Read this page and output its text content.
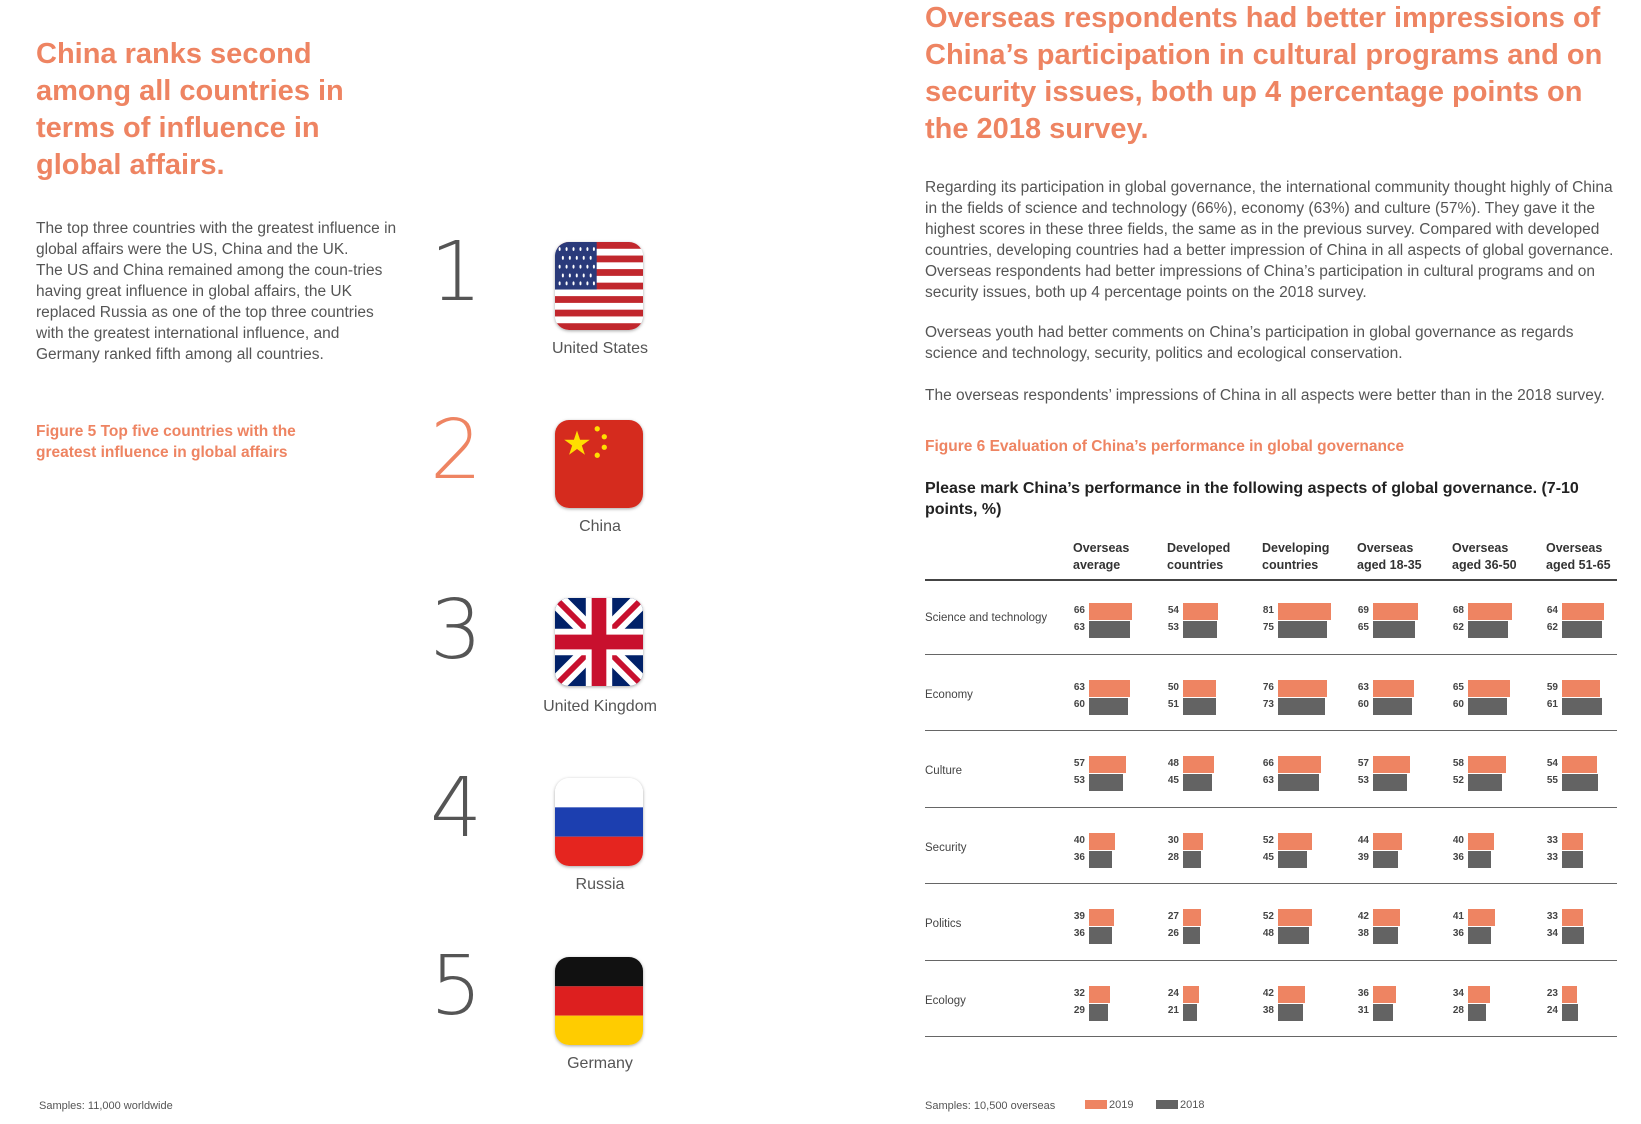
China ranks second among all countries in terms of influence in global affairs.
The top three countries with the greatest influence in global affairs were the US, China and the UK.
The US and China remained among the coun-tries having great influence in global affairs, the UK replaced Russia as one of the top three countries with the greatest international influence, and Germany ranked fifth among all countries.
Figure 5 Top five countries with the greatest influence in global affairs
Samples: 11,000 worldwide
1
United States
2
China
3
United Kingdom
4
Russia
5
Germany
Overseas respondents had better impressions of China’s participation in cultural programs and on security issues, both up 4 percentage points on the 2018 survey.
Regarding its participation in global governance, the international community thought highly of China in the fields of science and technology (66%), economy (63%) and culture (57%). They gave it the highest scores in these three fields, the same as in the previous survey. Compared with developed countries, developing countries had a better impression of China in all aspects of global governance. Overseas respondents had better impressions of China’s participation in cultural programs and on security issues, both up 4 percentage points on the 2018 survey.
Overseas youth had better comments on China’s participation in global governance as regards science and technology, security, politics and ecological conservation.
The overseas respondents’ impressions of China in all aspects were better than in the 2018 survey.
Figure 6 Evaluation of China’s performance in global governance
Please mark China’s performance in the following aspects of global governance. (7-10 points, %)
Overseas average
Developed countries
Developing countries
Overseas aged 18-35
Overseas aged 36-50
Overseas aged 51-65
Science and technology
66
63
54
53
81
75
69
65
68
62
64
62
Economy
63
60
50
51
76
73
63
60
65
60
59
61
Culture
57
53
48
45
66
63
57
53
58
52
54
55
Security
40
36
30
28
52
45
44
39
40
36
33
33
Politics
39
36
27
26
52
48
42
38
41
36
33
34
Ecology
32
29
24
21
42
38
36
31
34
28
23
24
Samples: 10,500 overseas	2019	2018
